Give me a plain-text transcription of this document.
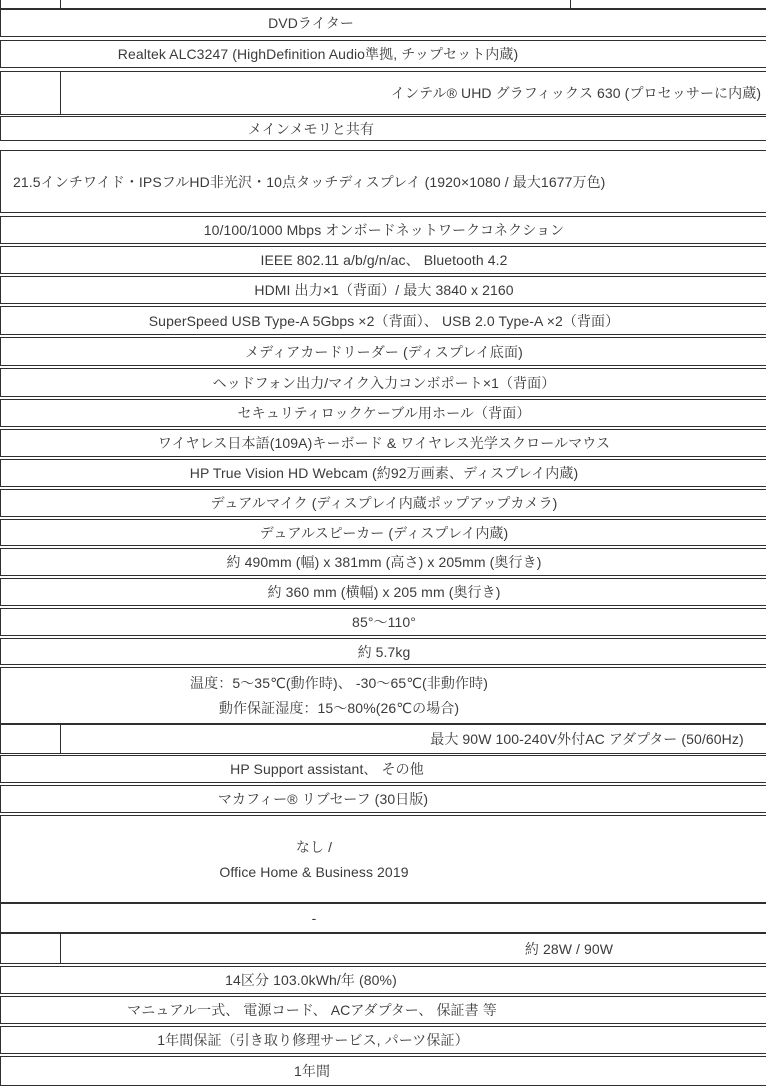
DVDライター
Realtek ALC3247 (HighDefinition Audio準拠, チップセット内蔵)
インテル® UHD グラフィックス 630 (プロセッサーに内蔵)
メインメモリと共有
21.5インチワイド・IPSフルHD非光沢・10点タッチディスプレイ (1920×1080 / 最大1677万色)
10/100/1000 Mbps オンボードネットワークコネクション
IEEE 802.11 a/b/g/n/ac、 Bluetooth 4.2
HDMI 出力×1（背面）/ 最大 3840 x 2160
SuperSpeed USB Type-A 5Gbps ×2（背面）、 USB 2.0 Type-A ×2（背面）
メディアカードリーダー (ディスプレイ底面)
ヘッドフォン出力/マイク入力コンボポート×1（背面）
セキュリティロックケーブル用ホール（背面）
ワイヤレス日本語(109A)キーボード & ワイヤレス光学スクロールマウス
HP True Vision HD Webcam (約92万画素、ディスプレイ内蔵)
デュアルマイク (ディスプレイ内蔵ポップアップカメラ)
デュアルスピーカー (ディスプレイ内蔵)
約 490mm (幅) x 381mm (高さ) x 205mm (奥行き)
約 360 mm (横幅) x 205 mm (奥行き)
85°〜110°
約 5.7kg
温度：5〜35℃(動作時)、 -30〜65℃(非動作時)
動作保証湿度：15〜80%(26℃の場合)
最大 90W 100-240V外付AC アダプター (50/60Hz)
HP Support assistant、 その他
マカフィー® リブセーフ (30日版)
なし /
Office Home & Business 2019
-
約 28W / 90W
14区分 103.0kWh/年 (80%)
マニュアル一式、 電源コード、 ACアダプター、 保証書 等
1年間保証（引き取り修理サービス, パーツ保証）
1年間
